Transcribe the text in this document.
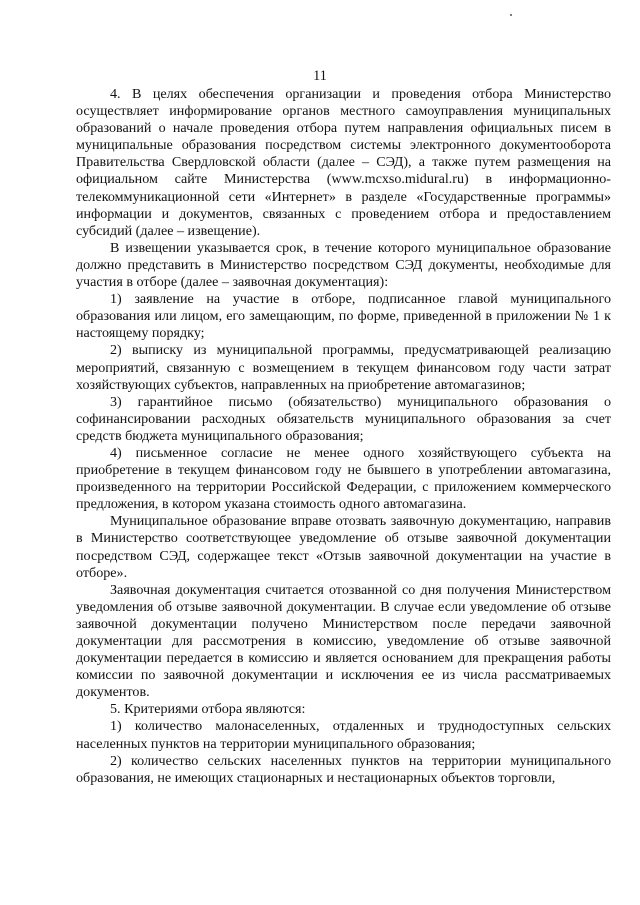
11

4. В целях обеспечения организации и проведения отбора Министерство осуществляет информирование органов местного самоуправления муниципальных образований о начале проведения отбора путем направления официальных писем в муниципальные образования посредством системы электронного документооборота Правительства Свердловской области (далее – СЭД), а также путем размещения на официальном сайте Министерства (www.mcxso.midural.ru) в информационно-телекоммуникационной сети «Интернет» в разделе «Государственные программы» информации и документов, связанных с проведением отбора и предоставлением субсидий (далее – извещение).

В извещении указывается срок, в течение которого муниципальное образование должно представить в Министерство посредством СЭД документы, необходимые для участия в отборе (далее – заявочная документация):

1) заявление на участие в отборе, подписанное главой муниципального образования или лицом, его замещающим, по форме, приведенной в приложении № 1 к настоящему порядку;

2) выписку из муниципальной программы, предусматривающей реализацию мероприятий, связанную с возмещением в текущем финансовом году части затрат хозяйствующих субъектов, направленных на приобретение автомагазинов;

3) гарантийное письмо (обязательство) муниципального образования о софинансировании расходных обязательств муниципального образования за счет средств бюджета муниципального образования;

4) письменное согласие не менее одного хозяйствующего субъекта на приобретение в текущем финансовом году не бывшего в употреблении автомагазина, произведенного на территории Российской Федерации, с приложением коммерческого предложения, в котором указана стоимость одного автомагазина.

Муниципальное образование вправе отозвать заявочную документацию, направив в Министерство соответствующее уведомление об отзыве заявочной документации посредством СЭД, содержащее текст «Отзыв заявочной документации на участие в отборе».

Заявочная документация считается отозванной со дня получения Министерством уведомления об отзыве заявочной документации. В случае если уведомление об отзыве заявочной документации получено Министерством после передачи заявочной документации для рассмотрения в комиссию, уведомление об отзыве заявочной документации передается в комиссию и является основанием для прекращения работы комиссии по заявочной документации и исключения ее из числа рассматриваемых документов.

5. Критериями отбора являются:

1) количество малонаселенных, отдаленных и труднодоступных сельских населенных пунктов на территории муниципального образования;

2) количество сельских населенных пунктов на территории муниципального образования, не имеющих стационарных и нестационарных объектов торговли,
